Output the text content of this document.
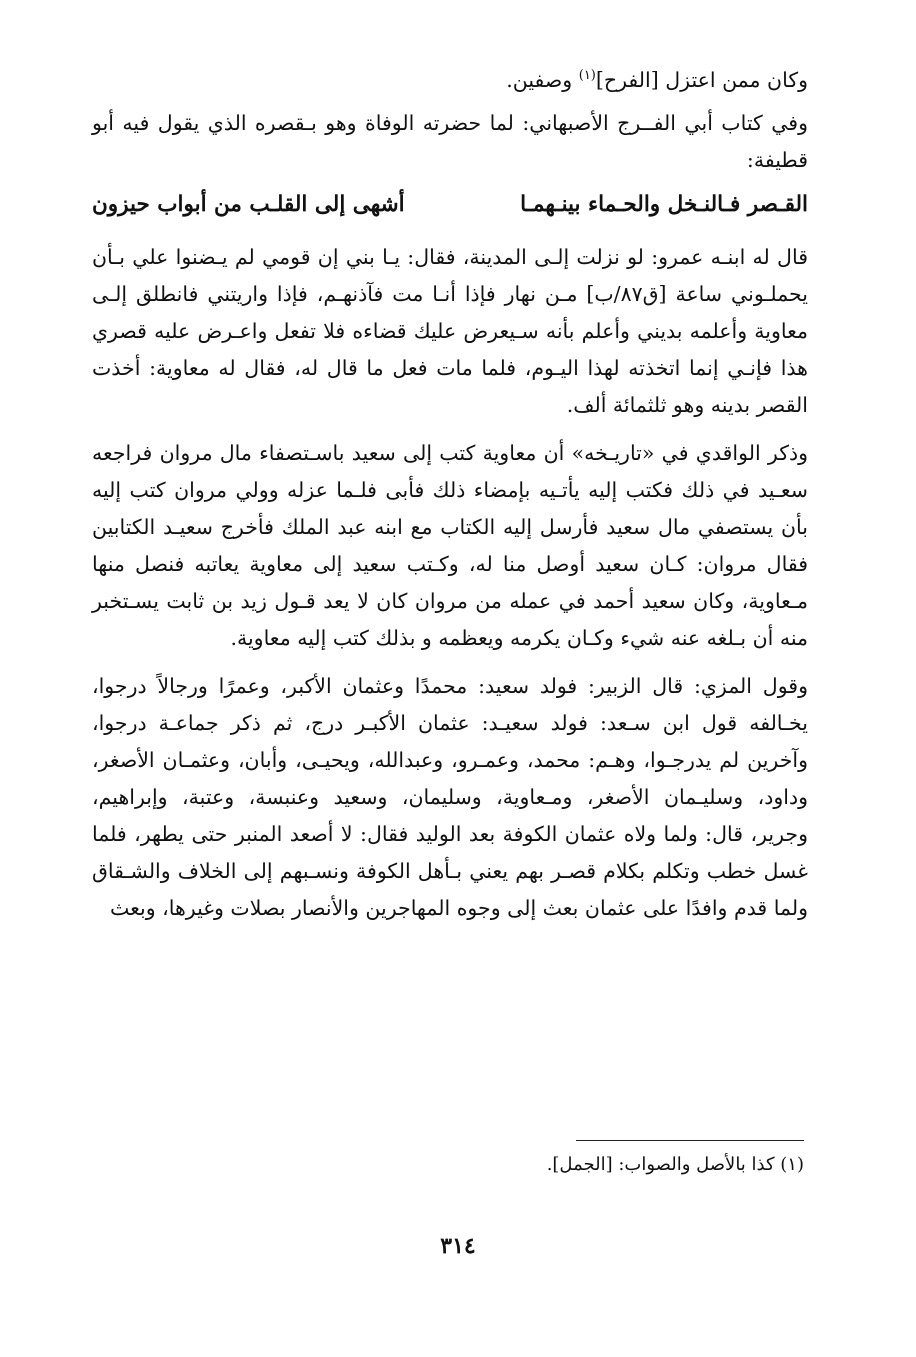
وكان ممن اعتزل [الفرح]$^{(١)}$ وصفين.

وفي كتاب أبي الفــرج الأصبهاني: لما حضرته الوفاة وهو بـقصره الذي يقول فيه أبو قطيفة:

القـصر فـالنـخل والحـماء بينـهمـا
أشهى إلى القلـب من أبواب حيزون

قال له ابنـه عمرو: لو نزلت إلـى المدينة، فقال: يـا بني إن قومي لم يـضنوا علي بـأن يحملـوني ساعة [ق٨٧/ب] مـن نهار فإذا أنـا مت فآذنهـم، فإذا واريتني فانطلق إلـى معاوية وأعلمه بديني وأعلم بأنه سـيعرض عليك قضاءه فلا تفعل واعـرض عليه قصري هذا فإنـي إنما اتخذته لهذا اليـوم، فلما مات فعل ما قال له، فقال له معاوية: أخذت القصر بدينه وهو ثلثمائة ألف.

وذكر الواقدي في «تاريـخه» أن معاوية كتب إلى سعيد باسـتصفاء مال مروان فراجعه سعـيد في ذلك فكتب إليه يأتـيه بإمضاء ذلك فأبى فلـما عزله وولي مروان كتب إليه بأن يستصفي مال سعيد فأرسل إليه الكتاب مع ابنه عبد الملك فأخرج سعيـد الكتابين فقال مروان: كـان سعيد أوصل منا له، وكـتب سعيد إلى معاوية يعاتبه فنصل منها مـعاوية، وكان سعيد أحمد في عمله من مروان كان لا يعد قـول زيد بن ثابت يسـتخبر منه أن بـلغه عنه شيء وكـان يكرمه ويعظمه و بذلك كتب إليه معاوية.

وقول المزي: قال الزبير: فولد سعيد: محمدًا وعثمان الأكبر، وعمرًا ورجالاً درجوا، يخـالفه قول ابن سـعد: فولد سعيـد: عثمان الأكبـر درج، ثم ذكر جماعـة درجوا، وآخرين لم يدرجـوا، وهـم: محمد، وعمـرو، وعبدالله، ويحيـى، وأبان، وعثمـان الأصغر، وداود، وسليـمان الأصغر، ومـعاوية، وسليمان، وسعيد وعنبسة، وعتبة، وإبراهيم، وجرير، قال: ولما ولاه عثمان الكوفة بعد الوليد فقال: لا أصعد المنبر حتى يطهر، فلما غسل خطب وتكلم بكلام قصـر بهم يعني بـأهل الكوفة ونسـبهم إلى الخلاف والشـقاق ولما قدم وافدًا على عثمان بعث إلى وجوه المهاجرين والأنصار بصلات وغيرها، وبعث

(١) كذا بالأصل والصواب: [الجمل].
٣١٤
